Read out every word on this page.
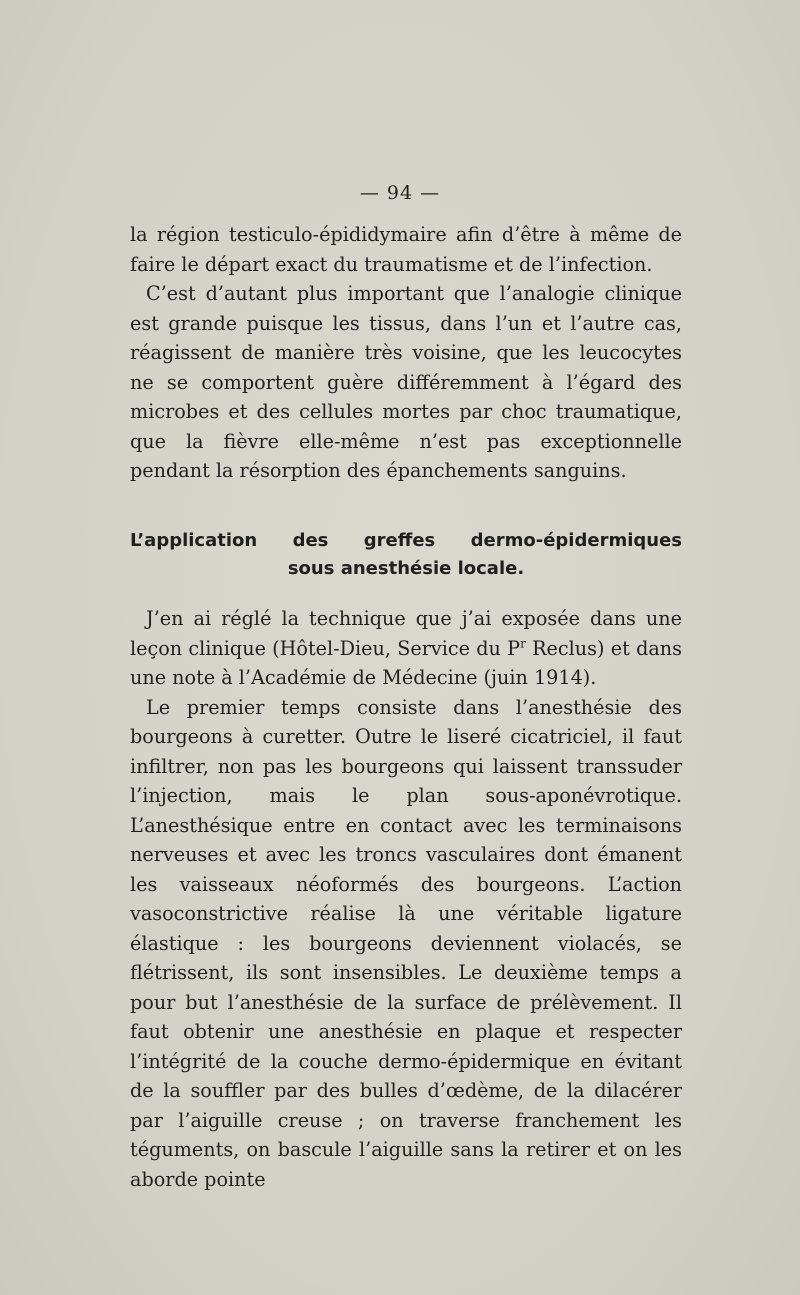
— 94 —

la région testiculo-épididymaire afin d’être à même de faire le départ exact du traumatisme et de l’infection.

C’est d’autant plus important que l’analogie clinique est grande puisque les tissus, dans l’un et l’autre cas, réagissent de manière très voisine, que les leucocytes ne se comportent guère différemment à l’égard des microbes et des cellules mortes par choc traumatique, que la fièvre elle-même n’est pas exceptionnelle pendant la résorption des épanchements sanguins.

L’application des greffes dermo-épidermiques
sous anesthésie locale.

J’en ai réglé la technique que j’ai exposée dans une leçon clinique (Hôtel-Dieu, Service du $P^r$ Reclus) et dans une note à l’Académie de Médecine (juin 1914).

Le premier temps consiste dans l’anesthésie des bourgeons à curetter. Outre le liseré cicatriciel, il faut infiltrer, non pas les bourgeons qui laissent transsuder l’injection, mais le plan sous-aponévrotique. L’anesthésique entre en contact avec les terminaisons nerveuses et avec les troncs vasculaires dont émanent les vaisseaux néoformés des bourgeons. L’action vasoconstrictive réalise là une véritable ligature élastique : les bourgeons deviennent violacés, se flétrissent, ils sont insensibles. Le deuxième temps a pour but l’anesthésie de la surface de prélèvement. Il faut obtenir une anesthésie en plaque et respecter l’intégrité de la couche dermo-épidermique en évitant de la souffler par des bulles d’œdème, de la dilacérer par l’aiguille creuse ; on traverse franchement les téguments, on bascule l’aiguille sans la retirer et on les aborde pointe
